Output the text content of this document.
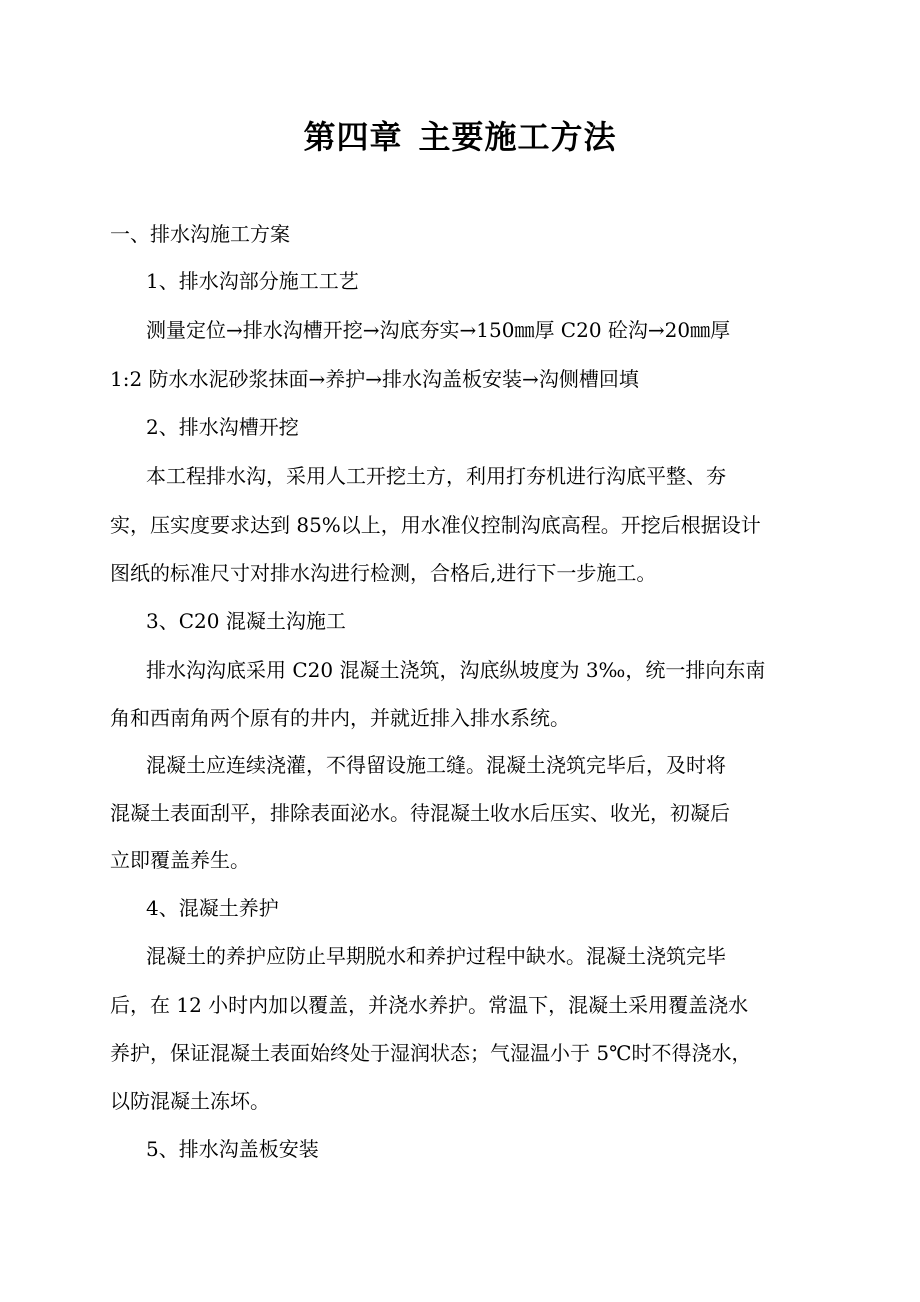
第四章 主要施工方法
一、排水沟施工方案
1、排水沟部分施工工艺
测量定位→排水沟槽开挖→沟底夯实→150㎜厚 C20 砼沟→20㎜厚
1:2 防水水泥砂浆抹面→养护→排水沟盖板安装→沟侧槽回填
2、排水沟槽开挖
本工程排水沟，采用人工开挖土方，利用打夯机进行沟底平整、夯
实，压实度要求达到 85%以上，用水准仪控制沟底高程。开挖后根据设计
图纸的标准尺寸对排水沟进行检测，合格后,进行下一步施工。
3、C20 混凝土沟施工
排水沟沟底采用 C20 混凝土浇筑，沟底纵坡度为 3‰，统一排向东南
角和西南角两个原有的井内，并就近排入排水系统。
混凝土应连续浇灌，不得留设施工缝。混凝土浇筑完毕后，及时将
混凝土表面刮平，排除表面泌水。待混凝土收水后压实、收光，初凝后
立即覆盖养生。
4、混凝土养护
混凝土的养护应防止早期脱水和养护过程中缺水。混凝土浇筑完毕
后，在 12 小时内加以覆盖，并浇水养护。常温下，混凝土采用覆盖浇水
养护，保证混凝土表面始终处于湿润状态；气湿温小于 5℃时不得浇水，
以防混凝土冻坏。
5、排水沟盖板安装
